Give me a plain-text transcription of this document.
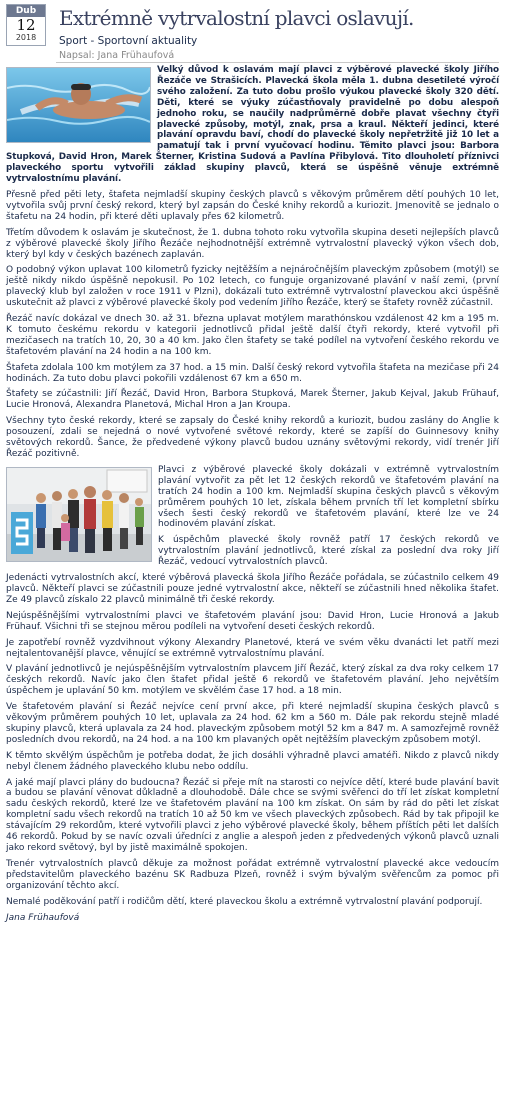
Dub
12
2018
Extrémně vytrvalostní plavci oslavují.
Sport - Sportovní aktuality
Napsal: Jana Frühaufová

Velký důvod k oslavám mají plavci z výběrové plavecké školy Jiřího Řezáče ve Strašicích. Plavecká škola měla 1. dubna desetileté výročí svého založení. Za tuto dobu prošlo výukou plavecké školy 320 dětí. Děti, které se výuky zúčastňovaly pravidelně po dobu alespoň jednoho roku, se naučily nadprůměrně dobře plavat všechny čtyři plavecké způsoby, motýl, znak, prsa a kraul. Někteří jedinci, které plavání opravdu baví, chodí do plavecké školy nepřetržitě již 10 let a pamatují tak i první vyučovací hodinu. Těmito plavci jsou: Barbora Stupková, David Hron, Marek Šterner, Kristina Sudová a Pavlína Přibylová. Tito dlouholetí příznivci plaveckého sportu vytvořili základ skupiny plavců, která se úspěšně věnuje extrémně vytrvalostnímu plavání.

Přesně před pěti lety, štafeta nejmladší skupiny českých plavců s věkovým průměrem dětí pouhých 10 let, vytvořila svůj první český rekord, který byl zapsán do České knihy rekordů a kuriozit. Jmenovitě se jednalo o štafetu na 24 hodin, při které děti uplavaly přes 62 kilometrů.

Třetím důvodem k oslavám je skutečnost, že 1. dubna tohoto roku vytvořila skupina deseti nejlepších plavců z výběrové plavecké školy Jiřího Řezáče nejhodnotnější extrémně vytrvalostní plavecký výkon všech dob, který byl kdy v českých bazénech zaplaván.

O podobný výkon uplavat 100 kilometrů fyzicky nejtěžším a nejnáročnějším plaveckým způsobem (motýl) se ještě nikdy nikdo úspěšně nepokusil. Po 102 letech, co funguje organizované plavání v naší zemi, (první plavecký klub byl založen v roce 1911 v Plzni), dokázali tuto extrémně vytrvalostní plaveckou akci úspěšně uskutečnit až plavci z výběrové plavecké školy pod vedením Jiřího Řezáče, který se štafety rovněž zúčastnil.

Řezáč navíc dokázal ve dnech 30. až 31. března uplavat motýlem marathónskou vzdálenost 42 km a 195 m. K tomuto českému rekordu v kategorii jednotlivců přidal ještě další čtyři rekordy, které vytvořil při mezičasech na tratích 10, 20, 30 a 40 km. Jako člen štafety se také podílel na vytvoření českého rekordu ve štafetovém plavání na 24 hodin a na 100 km.

Štafeta zdolala 100 km motýlem za 37 hod. a 15 min. Další český rekord vytvořila štafeta na mezičase při 24 hodinách. Za tuto dobu plavci pokořili vzdálenost 67 km a 650 m.

Štafety se zúčastnili: Jiří Řezáč, David Hron, Barbora Stupková, Marek Šterner, Jakub Kejval, Jakub Frühauf, Lucie Hronová, Alexandra Planetová, Michal Hron a Jan Kroupa.

Všechny tyto české rekordy, které se zapsaly do České knihy rekordů a kuriozit, budou zaslány do Anglie k posouzení, zdali se nejedná o nové vytvořené světové rekordy, které se zapíší do Guinnesovy knihy světových rekordů. Šance, že předvedené výkony plavců budou uznány světovými rekordy, vidí trenér Jiří Řezáč pozitivně.

Plavci z výběrové plavecké školy dokázali v extrémně vytrvalostním plavání vytvořit za pět let 12 českých rekordů ve štafetovém plavání na tratích 24 hodin a 100 km. Nejmladší skupina českých plavců s věkovým průměrem pouhých 10 let, získala během prvních tří let kompletní sbírku všech šesti český rekordů ve štafetovém plavání, které lze ve 24 hodinovém plavání získat.

K úspěchům plavecké školy rovněž patří 17 českých rekordů ve vytrvalostním plavání jednotlivců, které získal za poslední dva roky Jiří Řezáč, vedoucí vytrvalostních plavců.

Jedenácti vytrvalostních akcí, které výběrová plavecká škola Jiřího Řezáče pořádala, se zúčastnilo celkem 49 plavců. Někteří plavci se zúčastnili pouze jedné vytrvalostní akce, někteří se zúčastnili hned několika štafet. Ze 49 plavců získalo 22 plavců minimálně tři české rekordy.

Nejúspěšnějšími vytrvalostními plavci ve štafetovém plavání jsou: David Hron, Lucie Hronová a Jakub Frühauf. Všichni tři se stejnou měrou podíleli na vytvoření deseti českých rekordů.

Je zapotřebí rovněž vyzdvihnout výkony Alexandry Planetové, která ve svém věku dvanácti let patří mezi nejtalentovanější plavce, věnující se extrémně vytrvalostnímu plavání.

V plavání jednotlivců je nejúspěšnějším vytrvalostním plavcem Jiří Řezáč, který získal za dva roky celkem 17 českých rekordů. Navíc jako člen štafet přidal ještě 6 rekordů ve štafetovém plavání. Jeho největším úspěchem je uplavání 50 km. motýlem ve skvělém čase 17 hod. a 18 min.

Ve štafetovém plavání si Řezáč nejvíce cení první akce, při které nejmladší skupina českých plavců s věkovým průměrem pouhých 10 let, uplavala za 24 hod. 62 km a 560 m. Dále pak rekordu stejně mladé skupiny plavců, která uplavala za 24 hod. plaveckým způsobem motýl 52 km a 847 m. A samozřejmě rovněž posledních dvou rekordů, na 24 hod. a na 100 km plavaných opět nejtěžším plaveckým způsobem motýl.

K těmto skvělým úspěchům je potřeba dodat, že jich dosáhli výhradně plavci amatéři. Nikdo z plavců nikdy nebyl členem žádného plaveckého klubu nebo oddílu.

A jaké mají plavci plány do budoucna? Řezáč si přeje mít na starosti co nejvíce dětí, které bude plavání bavit a budou se plavání věnovat důkladně a dlouhodobě. Dále chce se svými svěřenci do tří let získat kompletní sadu českých rekordů, které lze ve štafetovém plavání na 100 km získat. On sám by rád do pěti let získat kompletní sadu všech rekordů na tratích 10 až 50 km ve všech plaveckých způsobech. Rád by tak připojil ke stávajícím 29 rekordům, které vytvořili plavci z jeho výběrové plavecké školy, během příštích pěti let dalších 46 rekordů. Pokud by se navíc ozvali úředníci z anglie a alespoň jeden z předvedených výkonů plavců uznali jako rekord světový, byl by jistě maximálně spokojen.

Trenér vytrvalostních plavců děkuje za možnost pořádat extrémně vytrvalostní plavecké akce vedoucím představitelům plaveckého bazénu SK Radbuza Plzeň, rovněž i svým bývalým svěřencům za pomoc při organizování těchto akcí.

Nemalé poděkování patří i rodičům dětí, které plaveckou školu a extrémně vytrvalostní plavání podporují.

Jana Frühaufová
